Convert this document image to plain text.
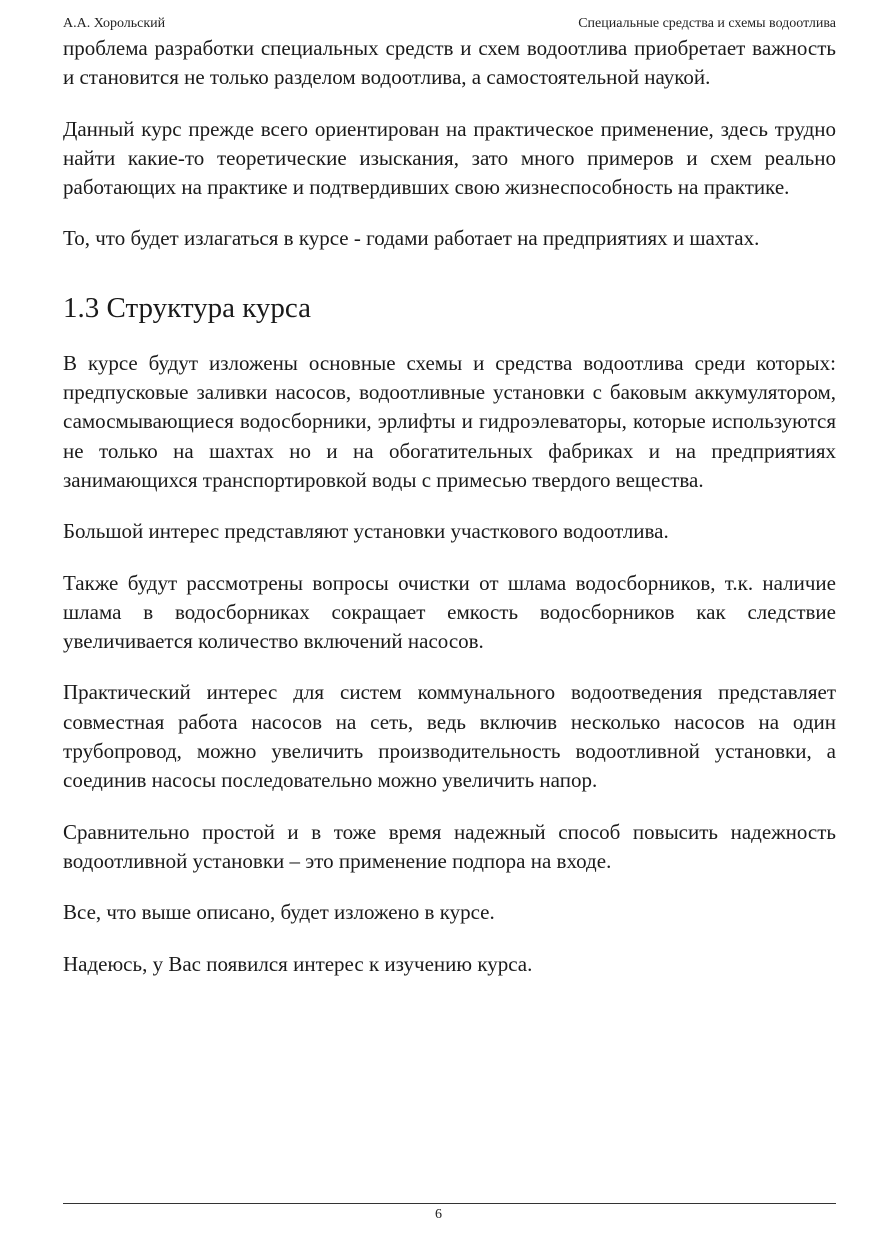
А.А. Хорольский	Специальные средства и схемы водоотлива

проблема разработки специальных средств и схем водоотлива приобретает важность и становится не только разделом водоотлива, а самостоятельной наукой.

Данный курс прежде всего ориентирован на практическое применение, здесь трудно найти какие-то теоретические изыскания, зато много примеров и схем реально работающих на практике и подтвердивших свою жизнеспособность на практике.

То, что будет излагаться в курсе - годами работает на предприятиях и шахтах.

1.3 Структура курса

В курсе будут изложены основные схемы и средства водоотлива среди которых: предпусковые заливки насосов, водоотливные установки с баковым аккумулятором, самосмывающиеся водосборники, эрлифты и гидроэлеваторы, которые используются не только на шахтах но и на обогатительных фабриках и на предприятиях занимающихся транспортировкой воды с примесью твердого вещества.

Большой интерес представляют установки участкового водоотлива.

Также будут рассмотрены вопросы очистки от шлама водосборников, т.к. наличие шлама в водосборниках сокращает емкость водосборников как следствие увеличивается количество включений насосов.

Практический интерес для систем коммунального водоотведения представляет совместная работа насосов на сеть, ведь включив несколько насосов на один трубопровод, можно увеличить производительность водоотливной установки, а соединив насосы последовательно можно увеличить напор.

Сравнительно простой и в тоже время надежный способ повысить надежность водоотливной установки – это применение подпора на входе.

Все, что выше описано, будет изложено в курсе.

Надеюсь, у Вас появился интерес к изучению курса.

6
